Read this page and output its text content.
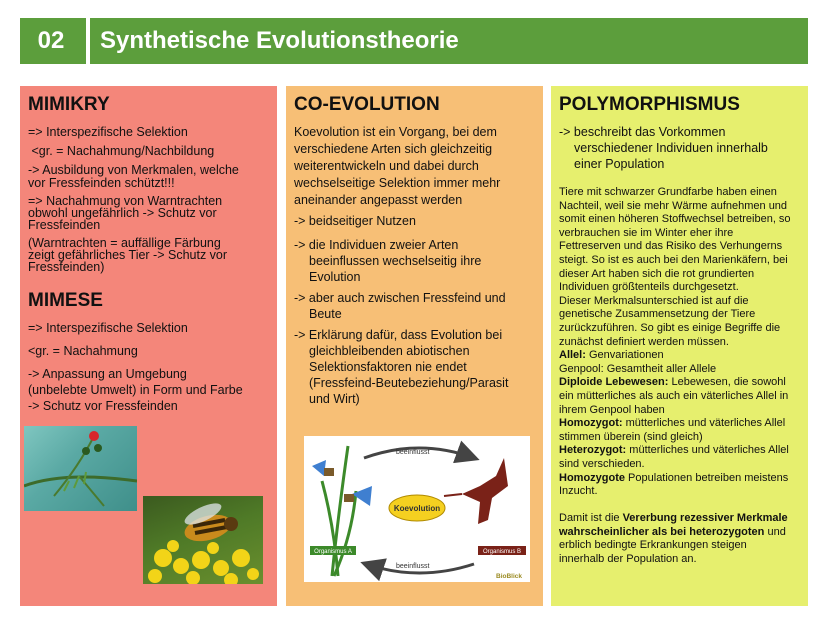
02	Synthetische Evolutionstheorie
MIMIKRY
=> Interspezifische Selektion
<gr. = Nachahmung/Nachbildung
-> Ausbildung von Merkmalen, welche
vor Fressfeinden schützt!!!
=> Nachahmung von Warntrachten
obwohl ungefährlich -> Schutz vor
Fressfeinden
(Warntrachten = auffällige Färbung
zeigt gefährliches Tier -> Schutz vor
Fressfeinden)
MIMESE
=> Interspezifische Selektion
<gr. = Nachahmung
-> Anpassung an Umgebung
(unbelebte Umwelt) in Form und Farbe
-> Schutz vor Fressfeinden
CO-EVOLUTION
Koevolution ist ein Vorgang, bei dem
verschiedene Arten sich gleichzeitig
weiterentwickeln und dabei durch
wechselseitige Selektion immer mehr
aneinander angepasst werden
-> beidseitiger Nutzen
-> die Individuen zweier Arten
beeinflussen wechselseitig ihre
Evolution
-> aber auch zwischen Fressfeind und
Beute
-> Erklärung dafür, dass Evolution bei
gleichbleibenden abiotischen
Selektionsfaktoren nie endet
(Fressfeind-Beutebeziehung/Parasit
und Wirt)
beeinflusst
beeinflusst
Koevolution
Organismus A	Organismus B
BioBlick
POLYMORPHISMUS
-> beschreibt das Vorkommen
verschiedener Individuen innerhalb
einer Population
Tiere mit schwarzer Grundfarbe haben einen
Nachteil, weil sie mehr Wärme aufnehmen und
somit einen höheren Stoffwechsel betreiben, so
verbrauchen sie im Winter eher ihre
Fettreserven und das Risiko des Verhungerns
steigt. So ist es auch bei den Marienkäfern, bei
dieser Art haben sich die rot grundierten
Individuen größtenteils durchgesetzt.
Dieser Merkmalsunterschied ist auf die
genetische Zusammensetzung der Tiere
zurückzuführen. So gibt es einige Begriffe die
zunächst definiert werden müssen.
Allel: Genvariationen
Genpool: Gesamtheit aller Allele
Diploide Lebewesen: Lebewesen, die sowohl
ein mütterliches als auch ein väterliches Allel in
ihrem Genpool haben
Homozygot: mütterliches und väterliches Allel
stimmen überein (sind gleich)
Heterozygot: mütterliches und väterliches Allel
sind verschieden.
Homozygote Populationen betreiben meistens
Inzucht.
Damit ist die Vererbung rezessiver Merkmale
wahrscheinlicher als bei heterozygoten und
erblich bedingte Erkrankungen steigen
innerhalb der Population an.
